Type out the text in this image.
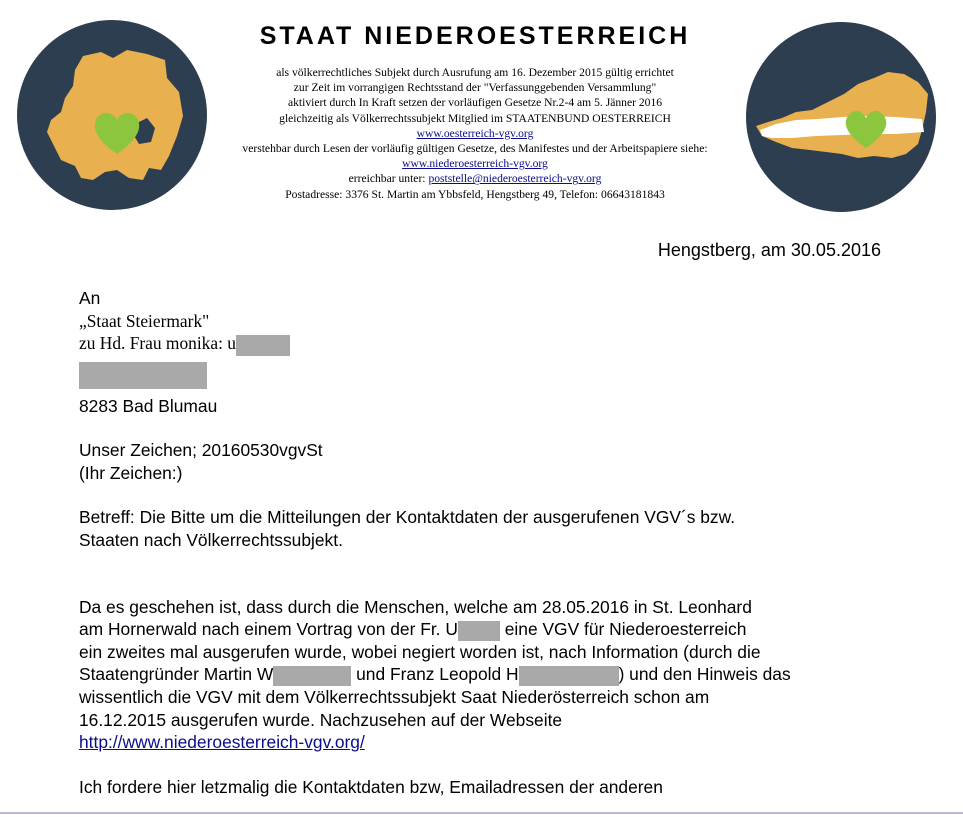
STAAT NIEDEROESTERREICH
als völkerrechtliches Subjekt durch Ausrufung am 16. Dezember 2015 gültig errichtet
zur Zeit im vorrangigen Rechtsstand der "Verfassunggebenden Versammlung"
aktiviert durch In Kraft setzen der vorläufigen Gesetze Nr.2-4 am 5. Jänner 2016
gleichzeitig als Völkerrechtssubjekt Mitglied im STAATENBUND OESTERREICH
www.oesterreich-vgv.org
verstehbar durch Lesen der vorläufig gültigen Gesetze, des Manifestes und der Arbeitspapiere siehe:
www.niederoesterreich-vgv.org
erreichbar unter: poststelle@niederoesterreich-vgv.org
Postadresse: 3376 St. Martin am Ybbsfeld, Hengstberg 49, Telefon: 06643181843
Hengstberg, am 30.05.2016
An
„Staat Steiermark"
zu Hd. Frau monika: u
8283 Bad Blumau
Unser Zeichen; 20160530vgvSt
(Ihr Zeichen:)
Betreff: Die Bitte um die Mitteilungen der Kontaktdaten der ausgerufenen VGV´s bzw.
Staaten nach Völkerrechtssubjekt.
Da es geschehen ist, dass durch die Menschen, welche am 28.05.2016 in St. Leonhard
am Hornerwald nach einem Vortrag von der Fr. U eine VGV für Niederoesterreich
ein zweites mal ausgerufen wurde, wobei negiert worden ist, nach Information (durch die
Staatengründer Martin W	und Franz Leopold H	) und den Hinweis das
wissentlich die VGV mit dem Völkerrechtssubjekt Saat Niederösterreich schon am
16.12.2015 ausgerufen wurde. Nachzusehen auf der Webseite
http://www.niederoesterreich-vgv.org/
Ich fordere hier letzmalig die Kontaktdaten bzw, Emailadressen der anderen
